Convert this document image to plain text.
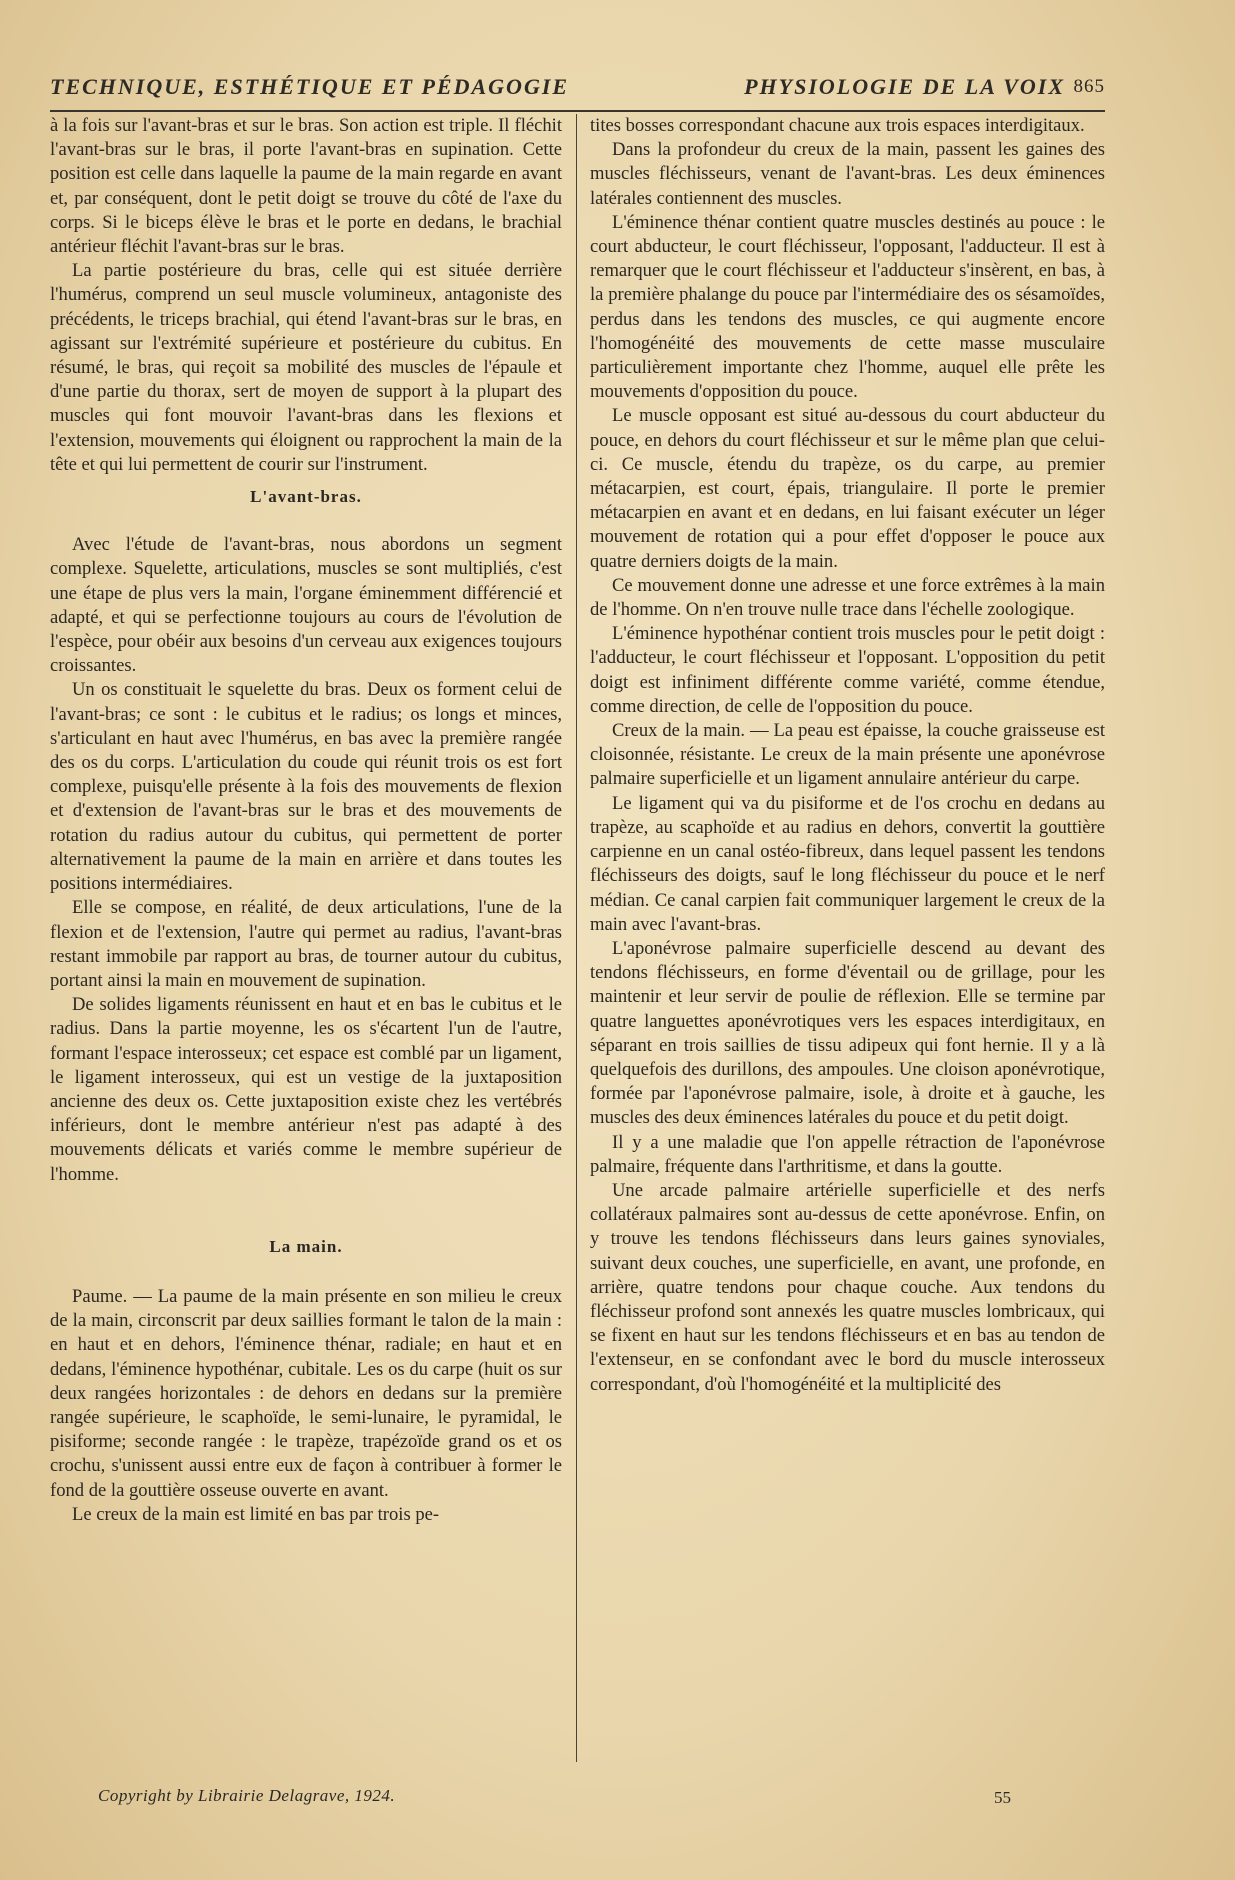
TECHNIQUE, ESTHÉTIQUE ET PÉDAGOGIE	PHYSIOLOGIE DE LA VOIX 865

à la fois sur l'avant-bras et sur le bras. Son action est triple. Il fléchit l'avant-bras sur le bras, il porte l'avant-bras en supination. Cette position est celle dans laquelle la paume de la main regarde en avant et, par conséquent, dont le petit doigt se trouve du côté de l'axe du corps. Si le biceps élève le bras et le porte en dedans, le brachial antérieur fléchit l'avant-bras sur le bras.

La partie postérieure du bras, celle qui est située derrière l'humérus, comprend un seul muscle volumineux, antagoniste des précédents, le triceps brachial, qui étend l'avant-bras sur le bras, en agissant sur l'extrémité supérieure et postérieure du cubitus. En résumé, le bras, qui reçoit sa mobilité des muscles de l'épaule et d'une partie du thorax, sert de moyen de support à la plupart des muscles qui font mouvoir l'avant-bras dans les flexions et l'extension, mouvements qui éloignent ou rapprochent la main de la tête et qui lui permettent de courir sur l'instrument.

L'avant-bras.

Avec l'étude de l'avant-bras, nous abordons un segment complexe. Squelette, articulations, muscles se sont multipliés, c'est une étape de plus vers la main, l'organe éminemment différencié et adapté, et qui se perfectionne toujours au cours de l'évolution de l'espèce, pour obéir aux besoins d'un cerveau aux exigences toujours croissantes.

Un os constituait le squelette du bras. Deux os forment celui de l'avant-bras; ce sont : le cubitus et le radius; os longs et minces, s'articulant en haut avec l'humérus, en bas avec la première rangée des os du corps. L'articulation du coude qui réunit trois os est fort complexe, puisqu'elle présente à la fois des mouvements de flexion et d'extension de l'avant-bras sur le bras et des mouvements de rotation du radius autour du cubitus, qui permettent de porter alternativement la paume de la main en arrière et dans toutes les positions intermédiaires.

Elle se compose, en réalité, de deux articulations, l'une de la flexion et de l'extension, l'autre qui permet au radius, l'avant-bras restant immobile par rapport au bras, de tourner autour du cubitus, portant ainsi la main en mouvement de supination.

De solides ligaments réunissent en haut et en bas le cubitus et le radius. Dans la partie moyenne, les os s'écartent l'un de l'autre, formant l'espace interosseux; cet espace est comblé par un ligament, le ligament interosseux, qui est un vestige de la juxtaposition ancienne des deux os. Cette juxtaposition existe chez les vertébrés inférieurs, dont le membre antérieur n'est pas adapté à des mouvements délicats et variés comme le membre supérieur de l'homme.

La main.

Paume. — La paume de la main présente en son milieu le creux de la main, circonscrit par deux saillies formant le talon de la main : en haut et en dehors, l'éminence thénar, radiale; en haut et en dedans, l'éminence hypothénar, cubitale. Les os du carpe (huit os sur deux rangées horizontales : de dehors en dedans sur la première rangée supérieure, le scaphoïde, le semi-lunaire, le pyramidal, le pisiforme; seconde rangée : le trapèze, trapézoïde grand os et os crochu, s'unissent aussi entre eux de façon à contribuer à former le fond de la gouttière osseuse ouverte en avant.

Le creux de la main est limité en bas par trois pe-

tites bosses correspondant chacune aux trois espaces interdigitaux.

Dans la profondeur du creux de la main, passent les gaines des muscles fléchisseurs, venant de l'avant-bras. Les deux éminences latérales contiennent des muscles.

L'éminence thénar contient quatre muscles destinés au pouce : le court abducteur, le court fléchisseur, l'opposant, l'adducteur. Il est à remarquer que le court fléchisseur et l'adducteur s'insèrent, en bas, à la première phalange du pouce par l'intermédiaire des os sésamoïdes, perdus dans les tendons des muscles, ce qui augmente encore l'homogénéité des mouvements de cette masse musculaire particulièrement importante chez l'homme, auquel elle prête les mouvements d'opposition du pouce.

Le muscle opposant est situé au-dessous du court abducteur du pouce, en dehors du court fléchisseur et sur le même plan que celui-ci. Ce muscle, étendu du trapèze, os du carpe, au premier métacarpien, est court, épais, triangulaire. Il porte le premier métacarpien en avant et en dedans, en lui faisant exécuter un léger mouvement de rotation qui a pour effet d'opposer le pouce aux quatre derniers doigts de la main.

Ce mouvement donne une adresse et une force extrêmes à la main de l'homme. On n'en trouve nulle trace dans l'échelle zoologique.

L'éminence hypothénar contient trois muscles pour le petit doigt : l'adducteur, le court fléchisseur et l'opposant. L'opposition du petit doigt est infiniment différente comme variété, comme étendue, comme direction, de celle de l'opposition du pouce.

Creux de la main. — La peau est épaisse, la couche graisseuse est cloisonnée, résistante. Le creux de la main présente une aponévrose palmaire superficielle et un ligament annulaire antérieur du carpe.

Le ligament qui va du pisiforme et de l'os crochu en dedans au trapèze, au scaphoïde et au radius en dehors, convertit la gouttière carpienne en un canal ostéo-fibreux, dans lequel passent les tendons fléchisseurs des doigts, sauf le long fléchisseur du pouce et le nerf médian. Ce canal carpien fait communiquer largement le creux de la main avec l'avant-bras.

L'aponévrose palmaire superficielle descend au devant des tendons fléchisseurs, en forme d'éventail ou de grillage, pour les maintenir et leur servir de poulie de réflexion. Elle se termine par quatre languettes aponévrotiques vers les espaces interdigitaux, en séparant en trois saillies de tissu adipeux qui font hernie. Il y a là quelquefois des durillons, des ampoules. Une cloison aponévrotique, formée par l'aponévrose palmaire, isole, à droite et à gauche, les muscles des deux éminences latérales du pouce et du petit doigt.

Il y a une maladie que l'on appelle rétraction de l'aponévrose palmaire, fréquente dans l'arthritisme, et dans la goutte.

Une arcade palmaire artérielle superficielle et des nerfs collatéraux palmaires sont au-dessus de cette aponévrose. Enfin, on y trouve les tendons fléchisseurs dans leurs gaines synoviales, suivant deux couches, une superficielle, en avant, une profonde, en arrière, quatre tendons pour chaque couche. Aux tendons du fléchisseur profond sont annexés les quatre muscles lombricaux, qui se fixent en haut sur les tendons fléchisseurs et en bas au tendon de l'extenseur, en se confondant avec le bord du muscle interosseux correspondant, d'où l'homogénéité et la multiplicité des

Copyright by Librairie Delagrave, 1924.	55
